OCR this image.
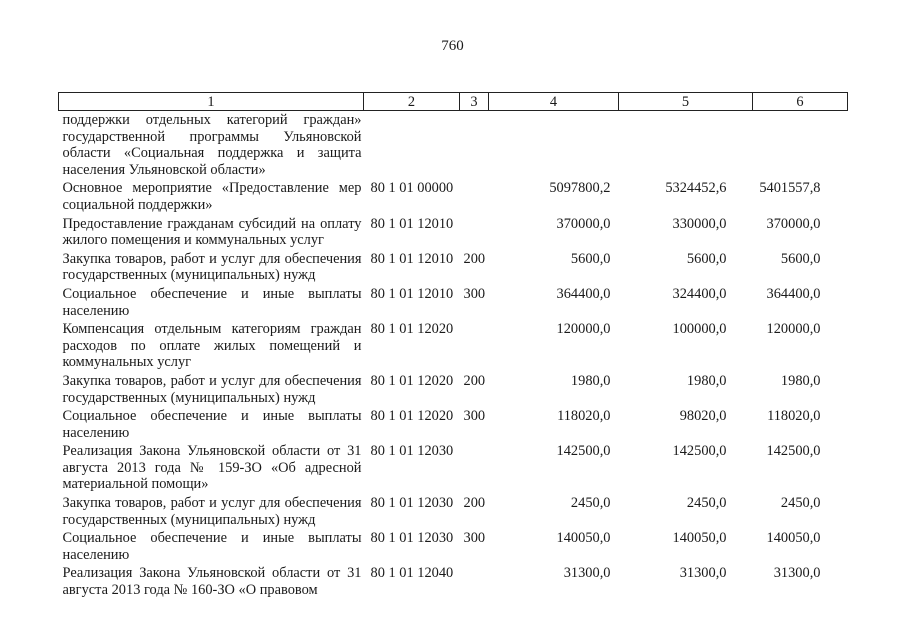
760
1	2	3	4	5	6
поддержки отдельных категорий граждан» государственной программы Ульяновской области «Социальная поддержка и защита населения Ульяновской области»					
Основное мероприятие «Предоставление мер социальной поддержки»	80 1 01 00000		5097800,2	5324452,6	5401557,8
Предоставление гражданам субсидий на оплату жилого помещения и коммунальных услуг	80 1 01 12010		370000,0	330000,0	370000,0
Закупка товаров, работ и услуг для обеспечения государственных (муниципальных) нужд	80 1 01 12010	200	5600,0	5600,0	5600,0
Социальное обеспечение и иные выплаты населению	80 1 01 12010	300	364400,0	324400,0	364400,0
Компенсация отдельным категориям граждан расходов по оплате жилых помещений и коммунальных услуг	80 1 01 12020		120000,0	100000,0	120000,0
Закупка товаров, работ и услуг для обеспечения государственных (муниципальных) нужд	80 1 01 12020	200	1980,0	1980,0	1980,0
Социальное обеспечение и иные выплаты населению	80 1 01 12020	300	118020,0	98020,0	118020,0
Реализация Закона Ульяновской области от 31 августа 2013 года № 159-ЗО «Об адресной материальной помощи»	80 1 01 12030		142500,0	142500,0	142500,0
Закупка товаров, работ и услуг для обеспечения государственных (муниципальных) нужд	80 1 01 12030	200	2450,0	2450,0	2450,0
Социальное обеспечение и иные выплаты населению	80 1 01 12030	300	140050,0	140050,0	140050,0
Реализация Закона Ульяновской области от 31 августа 2013 года № 160-ЗО «О правовом	80 1 01 12040		31300,0	31300,0	31300,0
